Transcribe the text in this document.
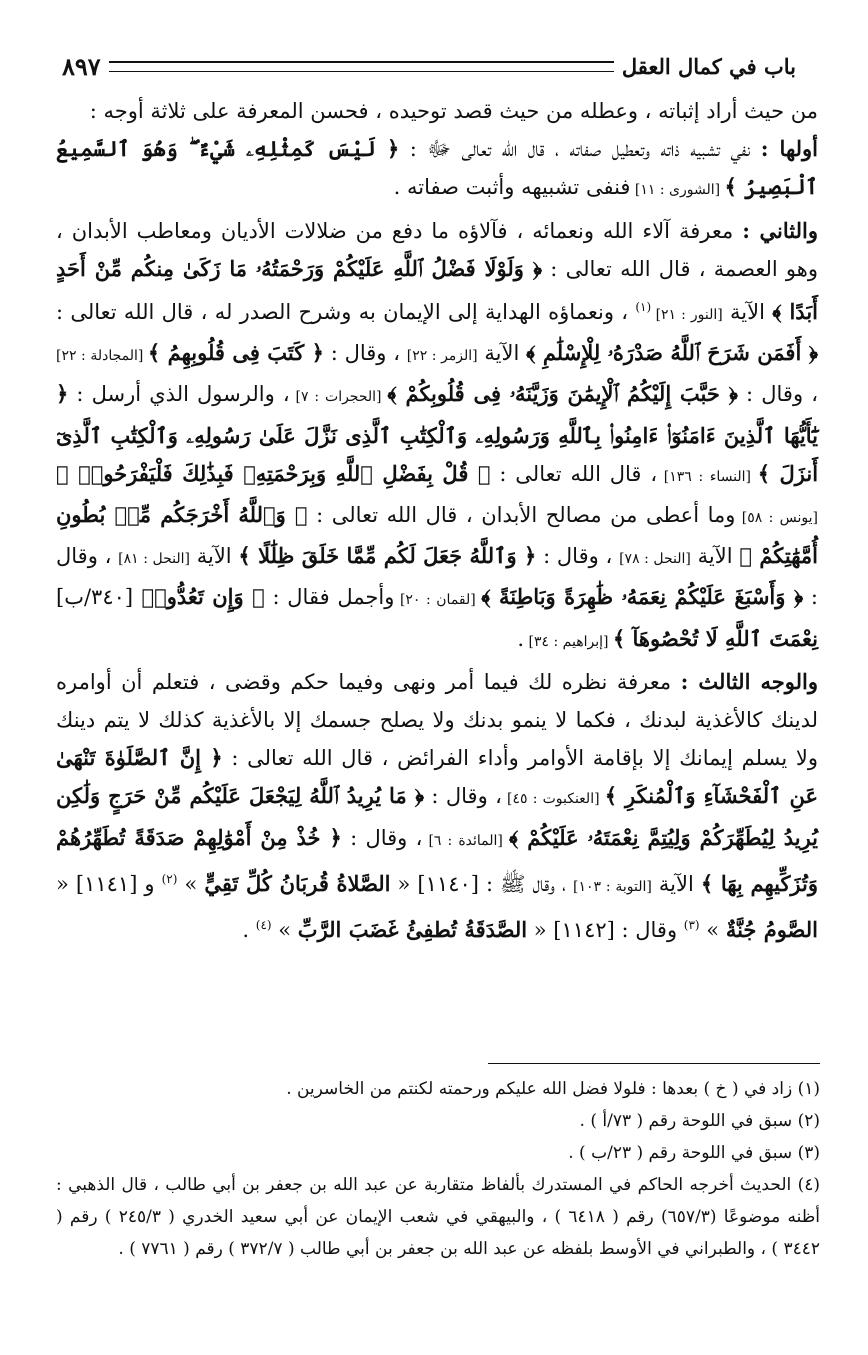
باب في كمال العقل
٨٩٧

من حيث أراد إثباته ، وعطله من حيث قصد توحيده ، فحسن المعرفة على ثلاثة أوجه :

أولها : نفي تشبيه ذاته وتعطيل صفاته ، قال الله تعالى ﷻ : ﴿ لَيْسَ كَمِثْلِهِۦ شَيْءٌ ۖ وَهُوَ ٱلسَّمِيعُ ٱلْبَصِيرُ ﴾ [الشورى : ١١] فنفى تشبيهه وأثبت صفاته .

والثاني : معرفة آلاء الله ونعمائه ، فآلاؤه ما دفع من ضلالات الأديان ومعاطب الأبدان ، وهو العصمة ، قال الله تعالى : ﴿ وَلَوْلَا فَضْلُ ٱللَّهِ عَلَيْكُمْ وَرَحْمَتُهُۥ مَا زَكَىٰ مِنكُم مِّنْ أَحَدٍ أَبَدًا ﴾ الآية [النور : ٢١] $^{(١)}$ ، ونعماؤه الهداية إلى الإيمان به وشرح الصدر له ، قال الله تعالى : ﴿ أَفَمَن شَرَحَ ٱللَّهُ صَدْرَهُۥ لِلْإِسْلَٰمِ ﴾ الآية [الزمر : ٢٢] ، وقال : ﴿ كَتَبَ فِى قُلُوبِهِمُ ﴾ [المجادلة : ٢٢] ، وقال : ﴿ حَبَّبَ إِلَيْكُمُ ٱلْإِيمَٰنَ وَزَيَّنَهُۥ فِى قُلُوبِكُمْ ﴾ [الحجرات : ٧] ، والرسول الذي أرسل : ﴿ يَٰٓأَيُّهَا ٱلَّذِينَ ءَامَنُوٓا۟ ءَامِنُوا۟ بِٱللَّهِ وَرَسُولِهِۦ وَٱلْكِتَٰبِ ٱلَّذِى نَزَّلَ عَلَىٰ رَسُولِهِۦ وَٱلْكِتَٰبِ ٱلَّذِىٓ أَنزَلَ ﴾ [النساء : ١٣٦] ، قال الله تعالى : ﴿ قُلْ بِفَضْلِ ٱللَّهِ وَبِرَحْمَتِهِۦ فَبِذَٰلِكَ فَلْيَفْرَحُوا۟ ﴾ [يونس : ٥٨] وما أعطى من مصالح الأبدان ، قال الله تعالى : ﴿ وَٱللَّهُ أَخْرَجَكُم مِّنۢ بُطُونِ أُمَّهَٰتِكُمْ ﴾ الآية [النحل : ٧٨] ، وقال : ﴿ وَٱللَّهُ جَعَلَ لَكُم مِّمَّا خَلَقَ ظِلَٰلًا ﴾ الآية [النحل : ٨١] ، وقال : ﴿ وَأَسْبَغَ عَلَيْكُمْ نِعَمَهُۥ ظَٰهِرَةً وَبَاطِنَةً ﴾ [لقمان : ٢٠] وأجمل فقال : ﴿ وَإِن تَعُدُّوا۟ [٣٤٠/ب] نِعْمَتَ ٱللَّهِ لَا تُحْصُوهَآ ﴾ [إبراهيم : ٣٤] .

والوجه الثالث : معرفة نظره لك فيما أمر ونهى وفيما حكم وقضى ، فتعلم أن أوامره لدينك كالأغذية لبدنك ، فكما لا ينمو بدنك ولا يصلح جسمك إلا بالأغذية كذلك لا يتم دينك ولا يسلم إيمانك إلا بإقامة الأوامر وأداء الفرائض ، قال الله تعالى : ﴿ إِنَّ ٱلصَّلَوٰةَ تَنْهَىٰ عَنِ ٱلْفَحْشَآءِ وَٱلْمُنكَرِ ﴾ [العنكبوت : ٤٥] ، وقال : ﴿ مَا يُرِيدُ ٱللَّهُ لِيَجْعَلَ عَلَيْكُم مِّنْ حَرَجٍ وَلَٰكِن يُرِيدُ لِيُطَهِّرَكُمْ وَلِيُتِمَّ نِعْمَتَهُۥ عَلَيْكُمْ ﴾ [المائدة : ٦] ، وقال : ﴿ خُذْ مِنْ أَمْوَٰلِهِمْ صَدَقَةً تُطَهِّرُهُمْ وَتُزَكِّيهِم بِهَا ﴾ الآية [التوبة : ١٠٣] ، وقال ﷺ : [١١٤٠] « الصَّلاةُ قُربَانُ كُلِّ تَقِيٍّ » $^{(٢)}$ و [١١٤١] « الصَّومُ جُنَّةٌ » $^{(٣)}$ وقال : [١١٤٢] « الصَّدَقَةُ تُطفِئُ غَضَبَ الرَّبِّ » $^{(٤)}$ .

(١) زاد في ( خ ) بعدها : فلولا فضل الله عليكم ورحمته لكنتم من الخاسرين .

(٢) سبق في اللوحة رقم ( ٧٣/أ ) .

(٣) سبق في اللوحة رقم ( ٢٣/ب ) .

(٤) الحديث أخرجه الحاكم في المستدرك بألفاظ متقاربة عن عبد الله بن جعفر بن أبي طالب ، قال الذهبي : أظنه موضوعًا (٦٥٧/٣) رقم ( ٦٤١٨ ) ، والبيهقي في شعب الإيمان عن أبي سعيد الخدري ( ٢٤٥/٣ ) رقم ( ٣٤٤٢ ) ، والطبراني في الأوسط بلفظه عن عبد الله بن جعفر بن أبي طالب ( ٣٧٢/٧ ) رقم ( ٧٧٦١ ) .
